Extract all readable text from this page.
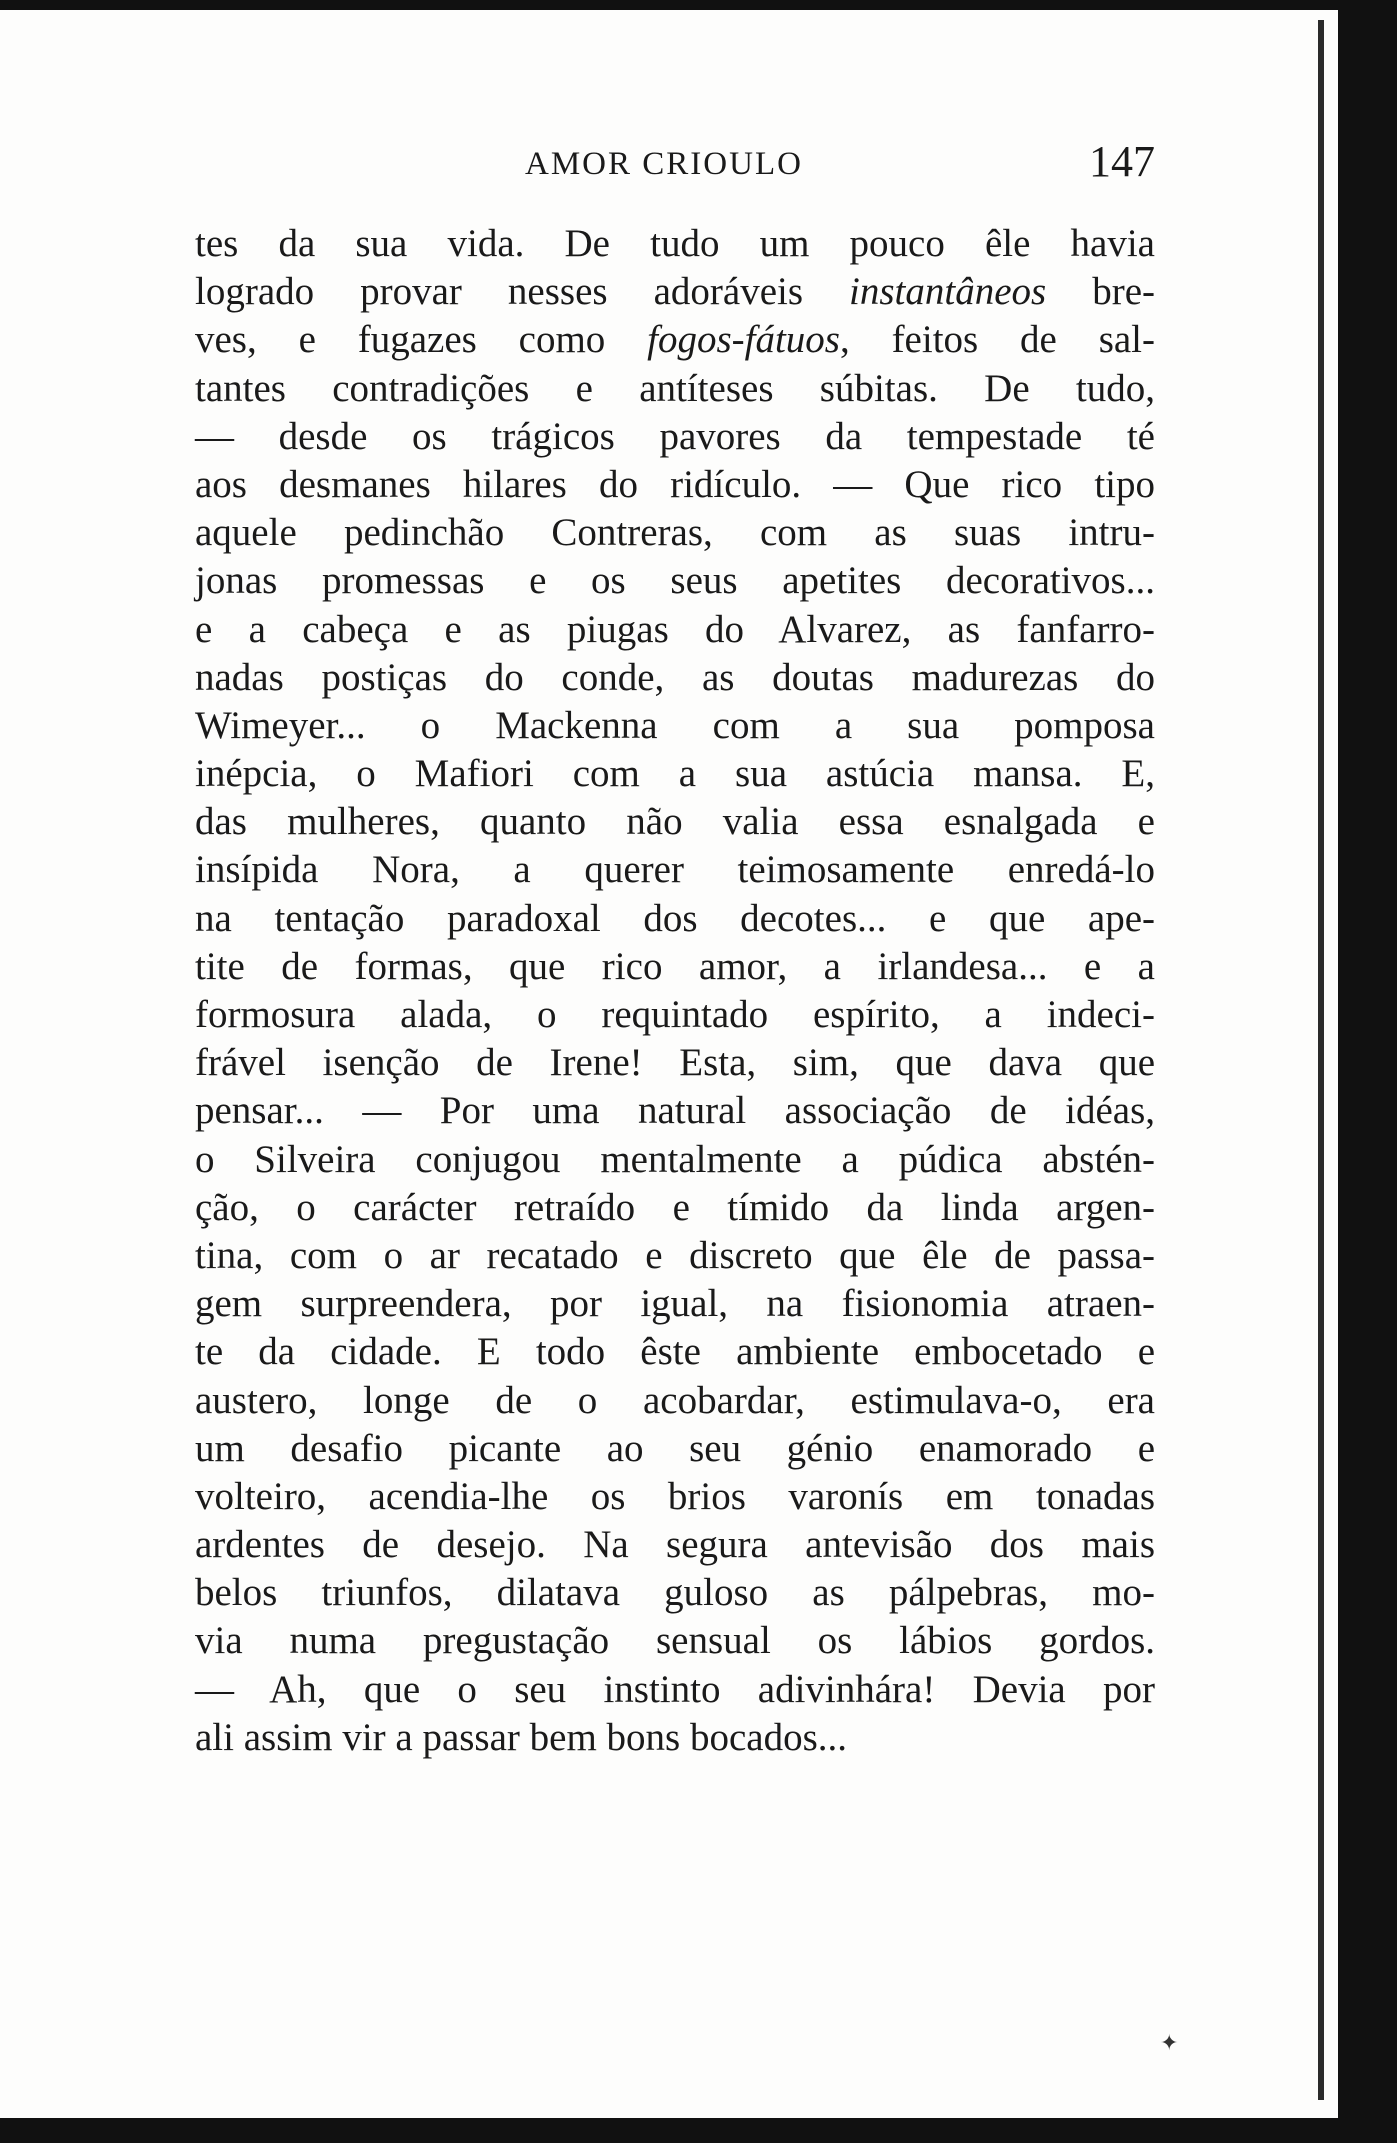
AMOR CRIOULO	147
tes da sua vida. De tudo um pouco êle havia
logrado provar nesses adoráveis instantâneos bre-
ves, e fugazes como fogos-fátuos, feitos de sal-
tantes contradições e antíteses súbitas. De tudo,
— desde os trágicos pavores da tempestade té
aos desmanes hilares do ridículo. — Que rico tipo
aquele pedinchão Contreras, com as suas intru-
jonas promessas e os seus apetites decorativos...
e a cabeça e as piugas do Alvarez, as fanfarro-
nadas postiças do conde, as doutas madurezas do
Wimeyer... o Mackenna com a sua pomposa
inépcia, o Mafiori com a sua astúcia mansa. E,
das mulheres, quanto não valia essa esnalgada e
insípida Nora, a querer teimosamente enredá-lo
na tentação paradoxal dos decotes... e que ape-
tite de formas, que rico amor, a irlandesa... e a
formosura alada, o requintado espírito, a indeci-
frável isenção de Irene! Esta, sim, que dava que
pensar... — Por uma natural associação de idéas,
o Silveira conjugou mentalmente a púdica abstén-
ção, o carácter retraído e tímido da linda argen-
tina, com o ar recatado e discreto que êle de passa-
gem surpreendera, por igual, na fisionomia atraen-
te da cidade. E todo êste ambiente embocetado e
austero, longe de o acobardar, estimulava-o, era
um desafio picante ao seu génio enamorado e
volteiro, acendia-lhe os brios varonís em tonadas
ardentes de desejo. Na segura antevisão dos mais
belos triunfos, dilatava guloso as pálpebras, mo-
via numa pregustação sensual os lábios gordos.
— Ah, que o seu instinto adivinhára! Devia por
ali assim vir a passar bem bons bocados...
✦
